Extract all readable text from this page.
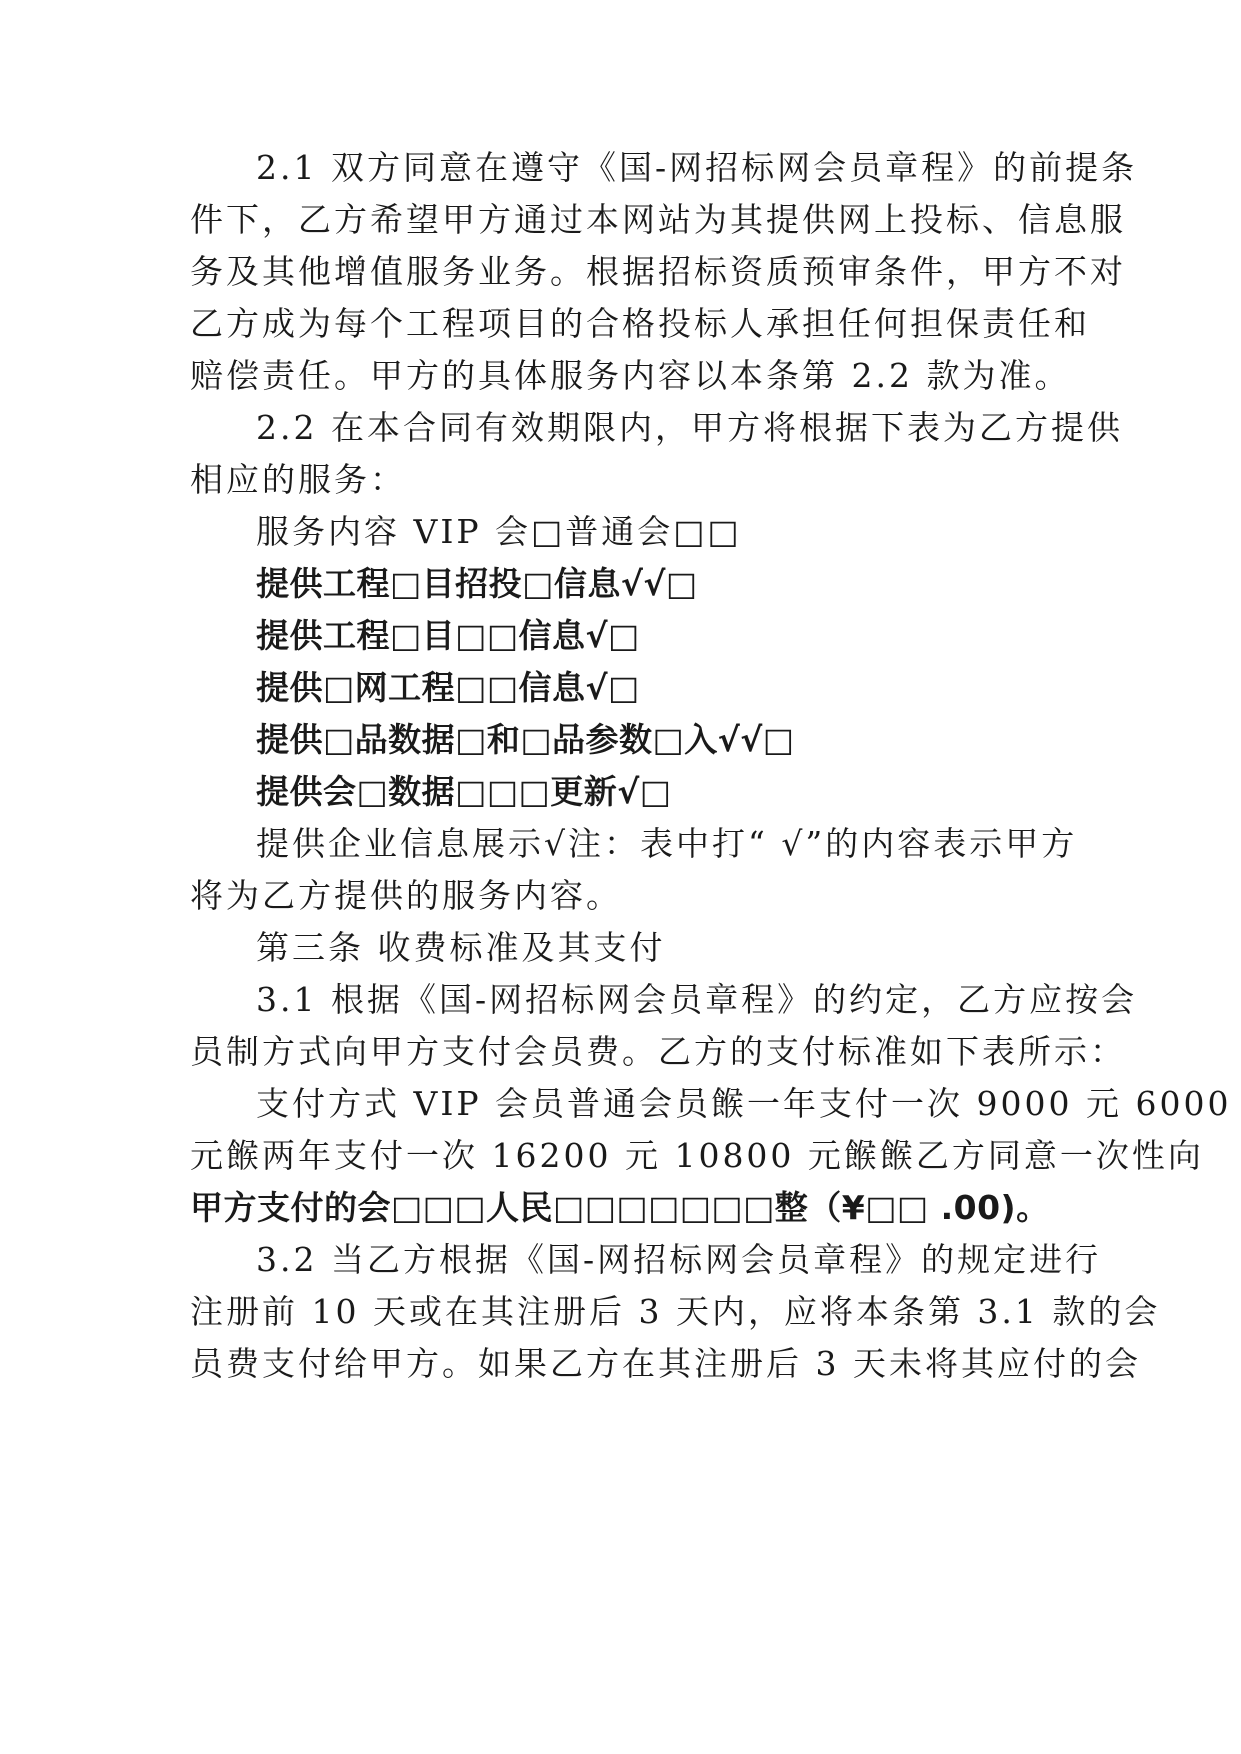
2.1 双方同意在遵守《国-网招标网会员章程》的前提条
件下，乙方希望甲方通过本网站为其提供网上投标、信息服
务及其他增值服务业务。根据招标资质预审条件，甲方不对
乙方成为每个工程项目的合格投标人承担任何担保责任和
赔偿责任。甲方的具体服务内容以本条第 2.2 款为准。
2.2 在本合同有效期限内，甲方将根据下表为乙方提供
相应的服务：
服务内容 VIP 会□普通会□□
提供工程□目招投□信息√√□
提供工程□目□□信息√□
提供□网工程□□信息√□
提供□品数据□和□品参数□入√√□
提供会□数据□□□更新√□
提供企业信息展示√注：表中打“ √”的内容表示甲方
将为乙方提供的服务内容。
第三条 收费标准及其支付
3.1 根据《国-网招标网会员章程》的约定，乙方应按会
员制方式向甲方支付会员费。乙方的支付标准如下表所示：
支付方式 VIP 会员普通会员餱一年支付一次 9000 元 6000
元餱两年支付一次 16200 元 10800 元餱餱乙方同意一次性向
甲方支付的会□□□人民□□□□□□□整（¥□□ .00)。
3.2 当乙方根据《国-网招标网会员章程》的规定进行
注册前 10 天或在其注册后 3 天内，应将本条第 3.1 款的会
员费支付给甲方。如果乙方在其注册后 3 天未将其应付的会
